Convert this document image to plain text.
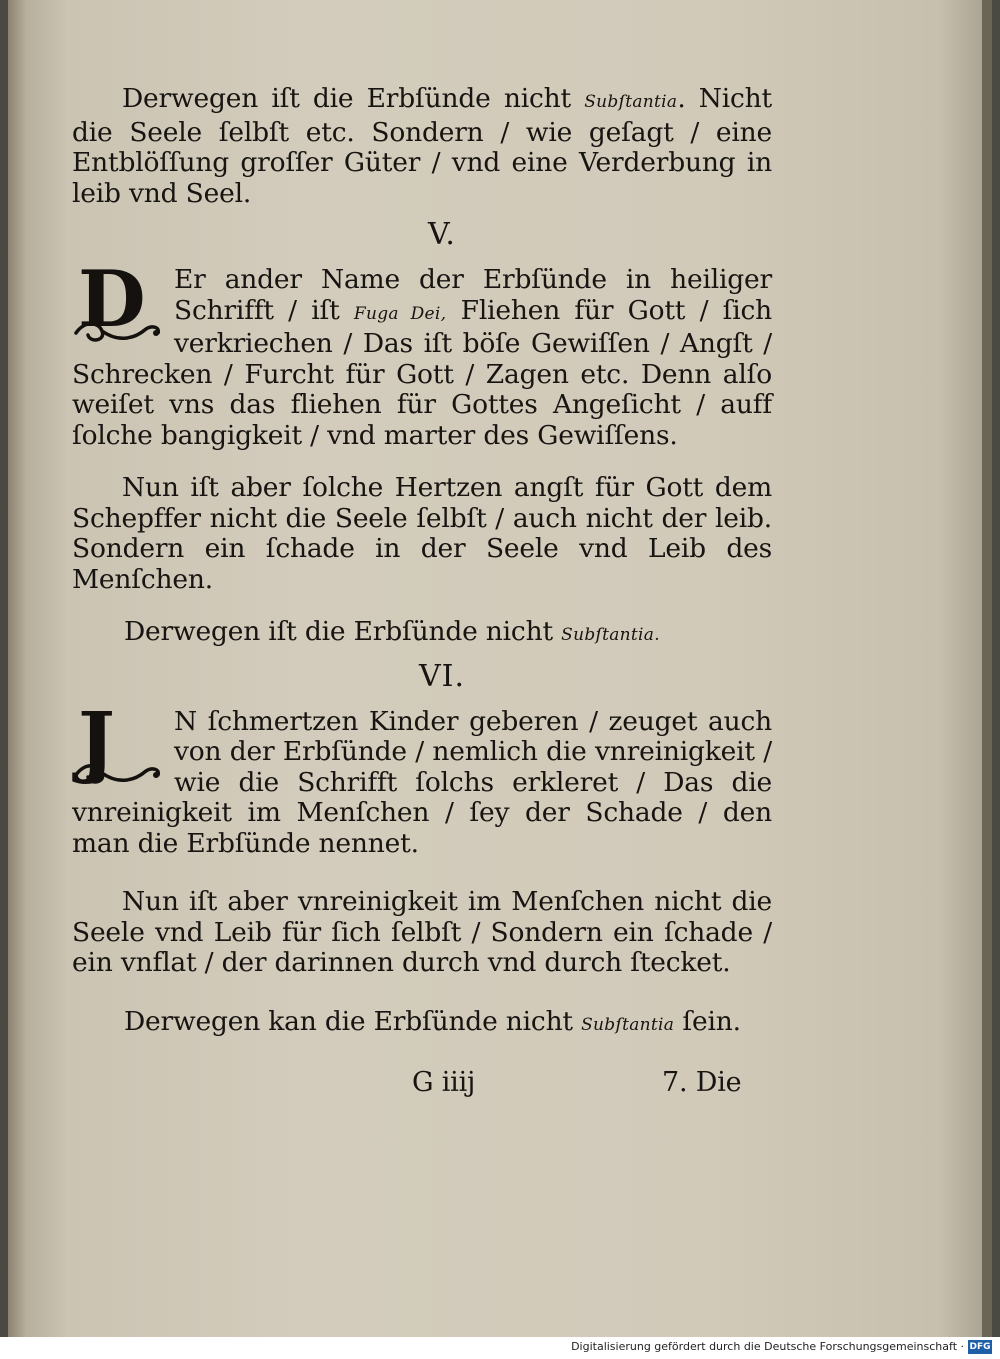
Derwegen iſt die Erbſünde nicht Subſtantia. Nicht die Seele ſelbſt etc. Sondern / wie geſagt / eine Entblöſſung groſſer Güter / vnd eine Verderbung in leib vnd Seel.

V.
D	Er ander Name der Erbſünde in heiliger Schrifft / iſt Fuga Dei, Fliehen für Gott / ſich verkriechen / Das iſt böſe Gewiſſen / Angſt / Schrecken / Furcht für Gott / Zagen etc. Denn alſo weiſet vns das fliehen für Gottes Angeſicht / auff ſolche bangigkeit / vnd marter des Gewiſſens.

Nun iſt aber ſolche Hertzen angſt für Gott dem Schepffer nicht die Seele ſelbſt / auch nicht der leib. Sondern ein ſchade in der Seele vnd Leib des Menſchen.

Derwegen iſt die Erbſünde nicht Subſtantia.

VI.
J	N ſchmertzen Kinder geberen / zeuget auch von der Erbſünde / nemlich die vnreinigkeit / wie die Schrifft ſolchs erkleret / Das die vnreinigkeit im Menſchen / ſey der Schade / den man die Erbſünde nennet.

Nun iſt aber vnreinigkeit im Menſchen nicht die Seele vnd Leib für ſich ſelbſt / Sondern ein ſchade / ein vnflat / der darinnen durch vnd durch ſtecket.

Derwegen kan die Erbſünde nicht Subſtantia ſein.

G iiij	7. Die
Digitalisierung gefördert durch die Deutsche Forschungsgemeinschaft · DFG
